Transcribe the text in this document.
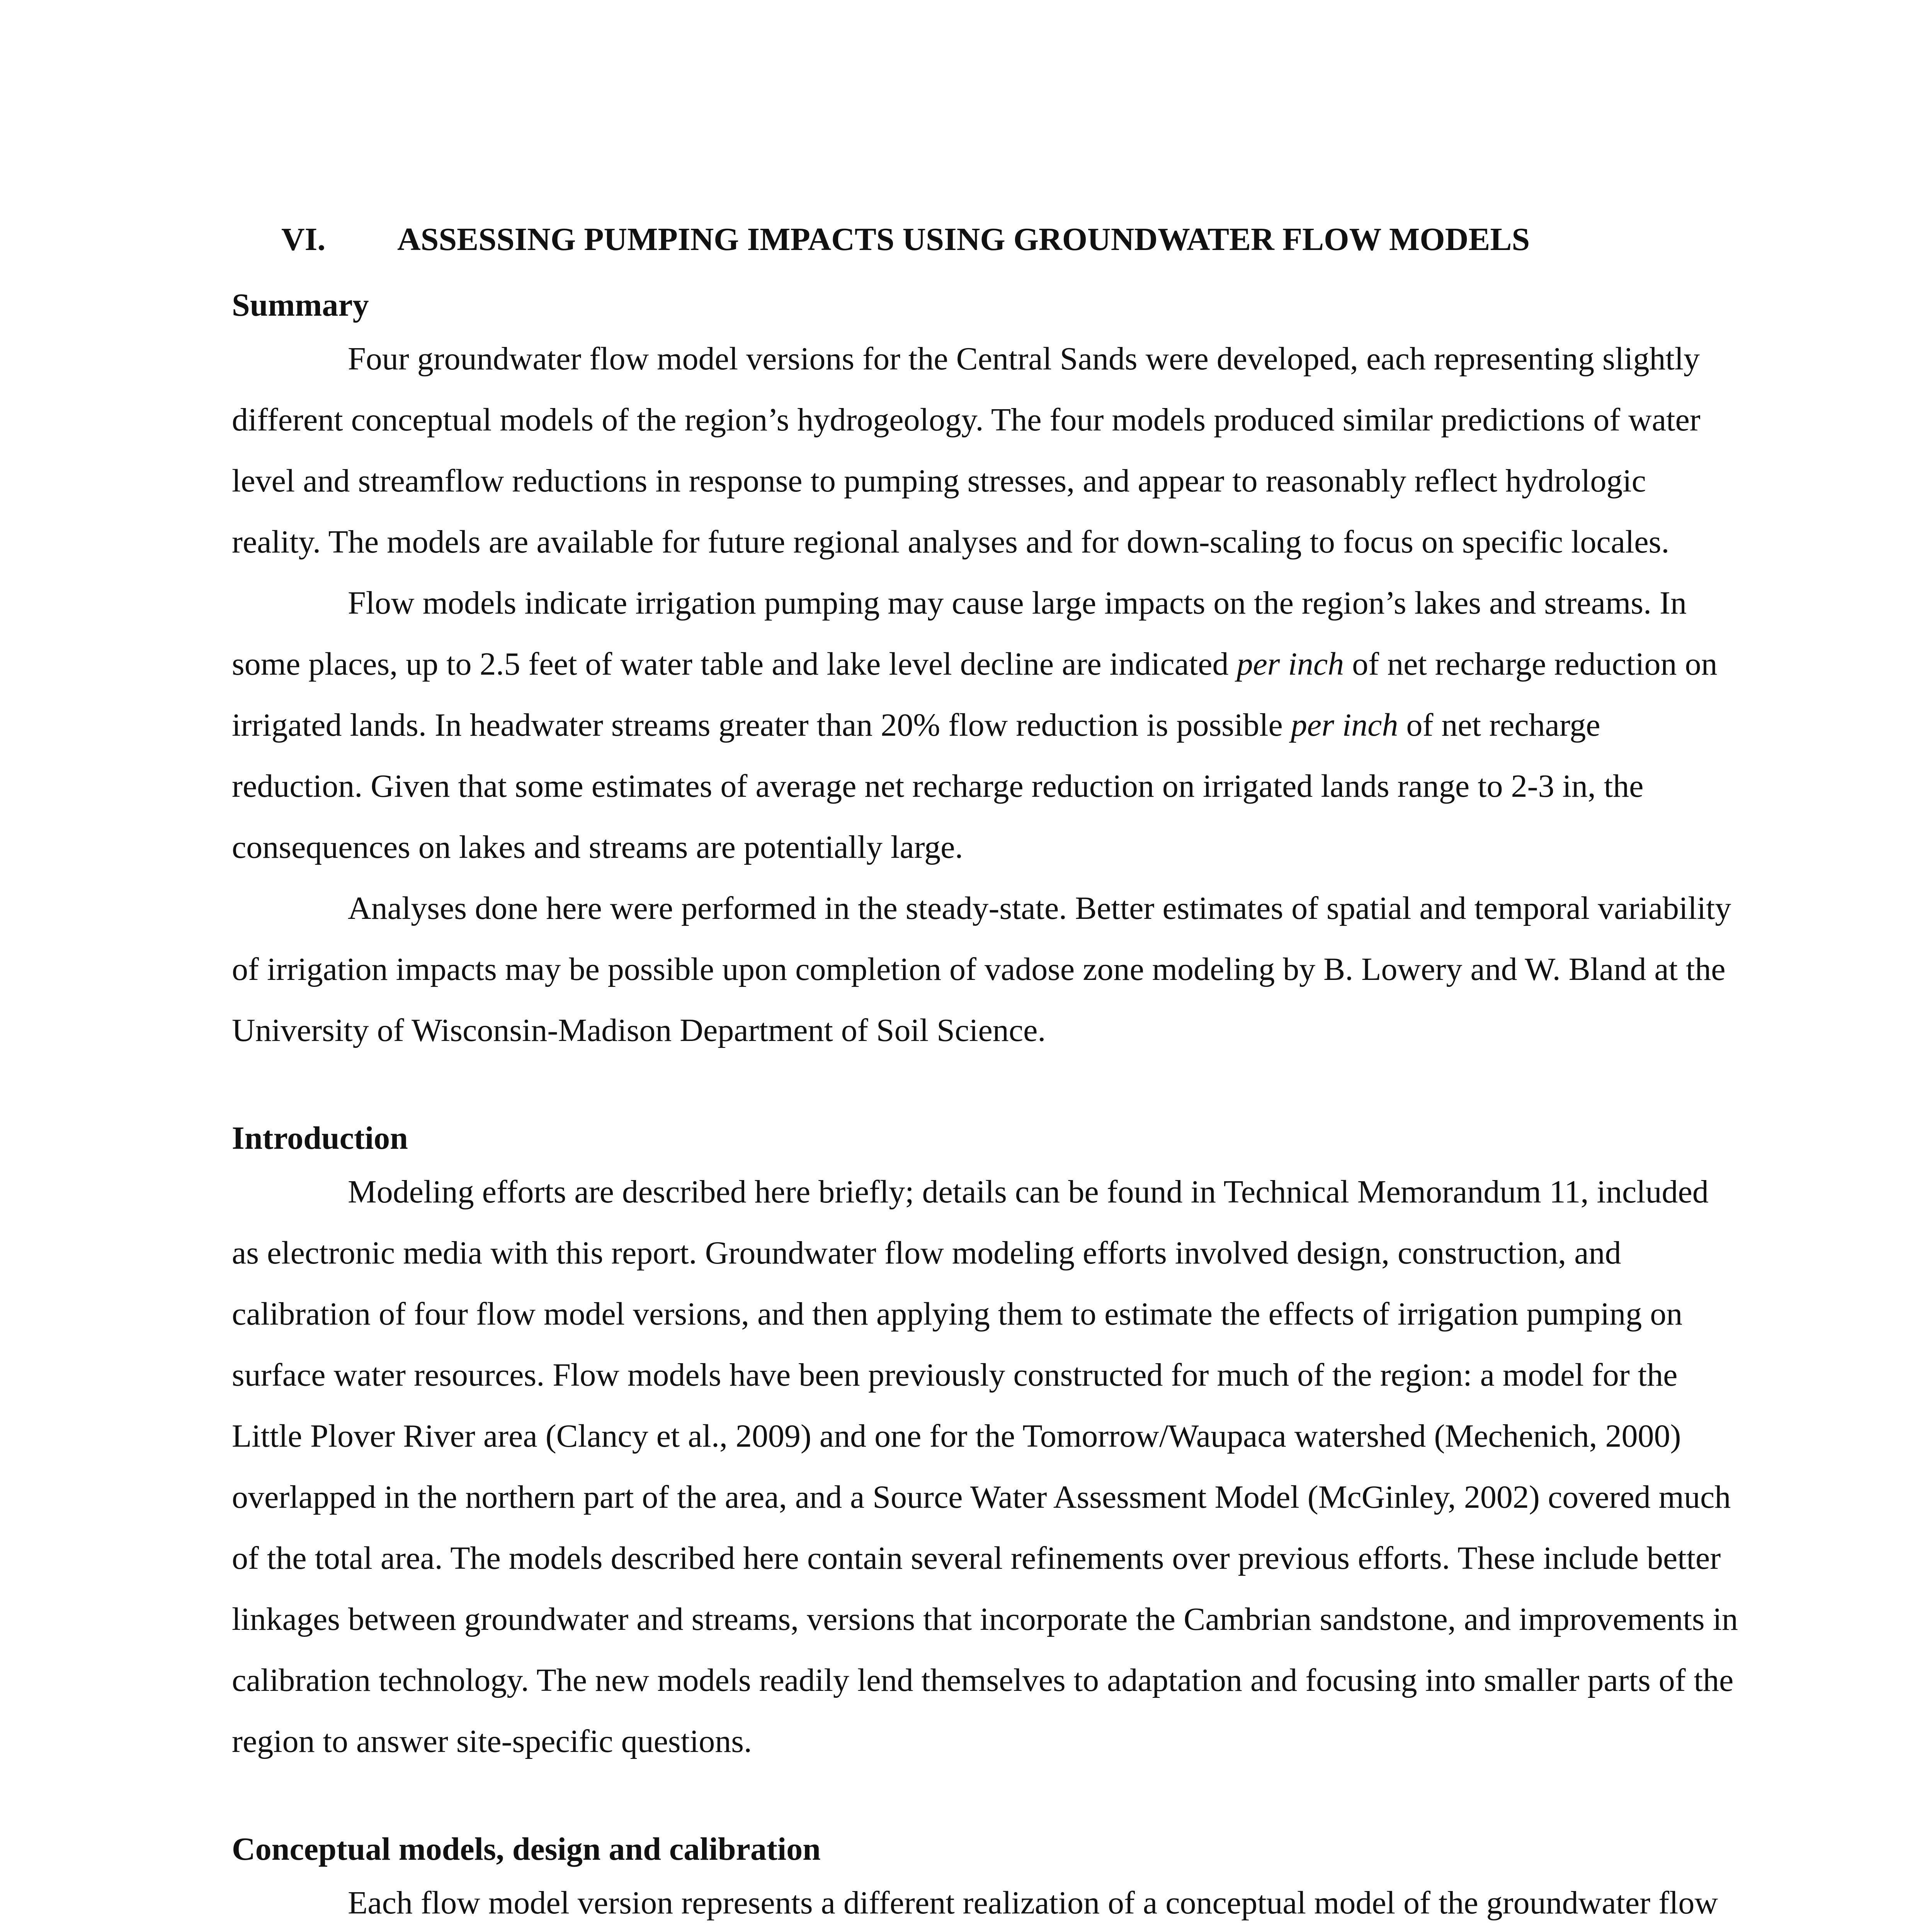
VI. ASSESSING PUMPING IMPACTS USING GROUNDWATER FLOW MODELS
Summary

Four groundwater flow model versions for the Central Sands were developed, each representing slightly different conceptual models of the region’s hydrogeology. The four models produced similar predictions of water level and streamflow reductions in response to pumping stresses, and appear to reasonably reflect hydrologic reality. The models are available for future regional analyses and for down-scaling to focus on specific locales.

Flow models indicate irrigation pumping may cause large impacts on the region’s lakes and streams. In some places, up to 2.5 feet of water table and lake level decline are indicated per inch of net recharge reduction on irrigated lands. In headwater streams greater than 20% flow reduction is possible per inch of net recharge reduction. Given that some estimates of average net recharge reduction on irrigated lands range to 2-3 in, the consequences on lakes and streams are potentially large.

Analyses done here were performed in the steady-state. Better estimates of spatial and temporal variability of irrigation impacts may be possible upon completion of vadose zone modeling by B. Lowery and W. Bland at the University of Wisconsin-Madison Department of Soil Science.

Introduction

Modeling efforts are described here briefly; details can be found in Technical Memorandum 11, included as electronic media with this report. Groundwater flow modeling efforts involved design, construction, and calibration of four flow model versions, and then applying them to estimate the effects of irrigation pumping on surface water resources. Flow models have been previously constructed for much of the region: a model for the Little Plover River area (Clancy et al., 2009) and one for the Tomorrow/Waupaca watershed (Mechenich, 2000) overlapped in the northern part of the area, and a Source Water Assessment Model (McGinley, 2002) covered much of the total area. The models described here contain several refinements over previous efforts. These include better linkages between groundwater and streams, versions that incorporate the Cambrian sandstone, and improvements in calibration technology. The new models readily lend themselves to adaptation and focusing into smaller parts of the region to answer site-specific questions.

Conceptual models, design and calibration

Each flow model version represents a different realization of a conceptual model of the groundwater flow
